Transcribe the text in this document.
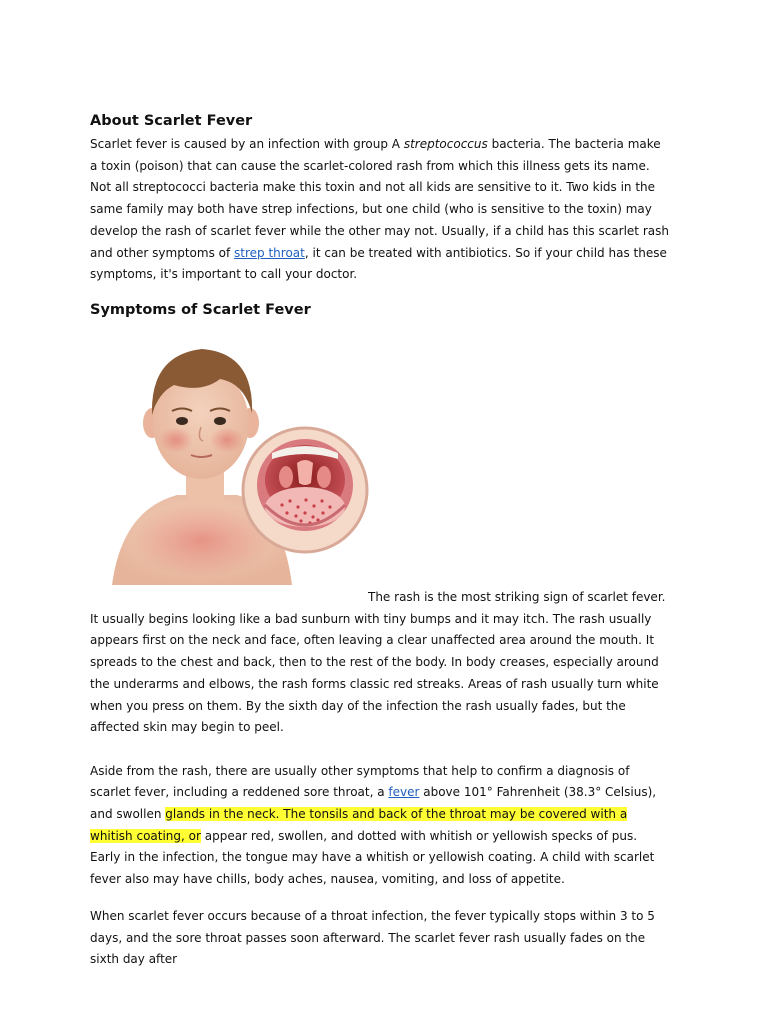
About Scarlet Fever

Scarlet fever is caused by an infection with group A streptococcus bacteria. The bacteria make a toxin (poison) that can cause the scarlet-colored rash from which this illness gets its name.

Not all streptococci bacteria make this toxin and not all kids are sensitive to it. Two kids in the same family may both have strep infections, but one child (who is sensitive to the toxin) may develop the rash of scarlet fever while the other may not. Usually, if a child has this scarlet rash and other symptoms of strep throat, it can be treated with antibiotics. So if your child has these symptoms, it's important to call your doctor.

Symptoms of Scarlet Fever

The rash is the most striking sign of scarlet fever. It usually begins looking like a bad sunburn with tiny bumps and it may itch. The rash usually appears first on the neck and face, often leaving a clear unaffected area around the mouth. It spreads to the chest and back, then to the rest of the body. In body creases, especially around the underarms and elbows, the rash forms classic red streaks. Areas of rash usually turn white when you press on them. By the sixth day of the infection the rash usually fades, but the affected skin may begin to peel.

Aside from the rash, there are usually other symptoms that help to confirm a diagnosis of scarlet fever, including a reddened sore throat, a fever above 101° Fahrenheit (38.3° Celsius), and swollen glands in the neck. The tonsils and back of the throat may be covered with a whitish coating, or appear red, swollen, and dotted with whitish or yellowish specks of pus. Early in the infection, the tongue may have a whitish or yellowish coating. A child with scarlet fever also may have chills, body aches, nausea, vomiting, and loss of appetite.

When scarlet fever occurs because of a throat infection, the fever typically stops within 3 to 5 days, and the sore throat passes soon afterward. The scarlet fever rash usually fades on the sixth day after
